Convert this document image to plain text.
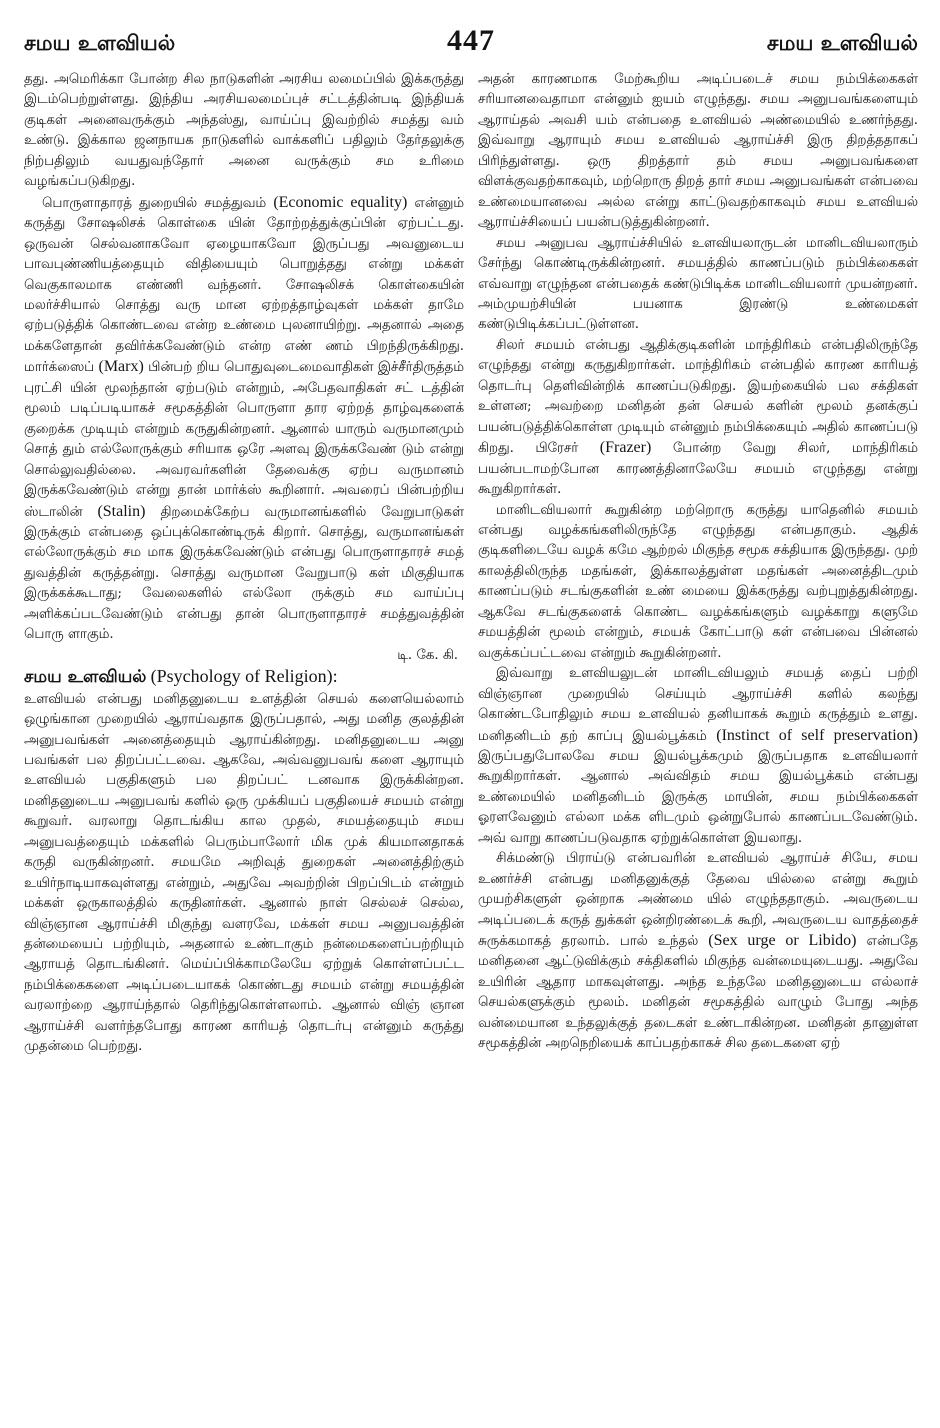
சமய உளவியல்	447	சமய உளவியல்

தது. அமெரிக்கா போன்ற சில நாடுகளின் அரசிய லமைப்பில் இக்கருத்து இடம்பெற்றுள்ளது. இந்திய அரசியலமைப்புச் சட்டத்தின்படி இந்தியக் குடிகள் அனைவருக்கும் அந்தஸ்து, வாய்ப்பு இவற்றில் சமத்து வம் உண்டு. இக்கால ஜனநாயக நாடுகளில் வாக்களிப் பதிலும் தேர்தலுக்கு நிற்பதிலும் வயதுவந்தோர் அனை வருக்கும் சம உரிமை வழங்கப்படுகிறது.

பொருளாதாரத் துறையில் சமத்துவம் (Economic equality) என்னும் கருத்து சோஷலிசக் கொள்கை யின் தோற்றத்துக்குப்பின் ஏற்பட்டது. ஒருவன் செல்வனாகவோ ஏழையாகவோ இருப்பது அவனுடைய பாவபுண்ணியத்தையும் விதியையும் பொறுத்தது என்று மக்கள் வெகுகாலமாக எண்ணி வந்தனர். சோஷலிசக் கொள்கையின் மலர்ச்சியால் சொத்து வரு மான ஏற்றத்தாழ்வுகள் மக்கள் தாமே ஏற்படுத்திக் கொண்டவை என்ற உண்மை புலனாயிற்று. அதனால் அதை மக்களேதான் தவிர்க்கவேண்டும் என்ற எண் ணம் பிறந்திருக்கிறது. மார்க்ஸைப் (Marx) பின்பற் றிய பொதுவுடைமைவாதிகள் இச்சீர்திருத்தம் புரட்சி யின் மூலந்தான் ஏற்படும் என்றும், அபேதவாதிகள் சட் டத்தின் மூலம் படிப்படியாகச் சமூகத்தின் பொருளா தார ஏற்றத் தாழ்வுகளைக் குறைக்க முடியும் என்றும் கருதுகின்றனர். ஆனால் யாரும் வருமானமும் சொத் தும் எல்லோருக்கும் சரியாக ஒரே அளவு இருக்கவேண் டும் என்று சொல்லுவதில்லை. அவரவர்களின் தேவைக்கு ஏற்ப வருமானம் இருக்கவேண்டும் என்று தான் மார்க்ஸ் கூறினார். அவரைப் பின்பற்றிய ஸ்டாலின் (Stalin) திறமைக்கேற்ப வருமானங்களில் வேறுபாடுகள் இருக்கும் என்பதை ஒப்புக்கொண்டிருக் கிறார். சொத்து, வருமானங்கள் எல்லோருக்கும் சம மாக இருக்கவேண்டும் என்பது பொருளாதாரச் சமத் துவத்தின் கருத்தன்று. சொத்து வருமான வேறுபாடு கள் மிகுதியாக இருக்கக்கூடாது; வேலைகளில் எல்லோ ருக்கும் சம வாய்ப்பு அளிக்கப்படவேண்டும் என்பது தான் பொருளாதாரச் சமத்துவத்தின் பொரு ளாகும்.

டி. கே. கி.

சமய உளவியல் (Psychology of Religion):

உளவியல் என்பது மனிதனுடைய உளத்தின் செயல் களையெல்லாம் ஒழுங்கான முறையில் ஆராய்வதாக இருப்பதால், அது மனித குலத்தின் அனுபவங்கள் அனைத்தையும் ஆராய்கின்றது. மனிதனுடைய அனு பவங்கள் பல திறப்பட்டவை. ஆகவே, அவ்வனுபவங் களை ஆராயும் உளவியல் பகுதிகளும் பல திறப்பட் டனவாக இருக்கின்றன. மனிதனுடைய அனுபவங் களில் ஒரு முக்கியப் பகுதியைச் சமயம் என்று கூறுவர். வரலாறு தொடங்கிய கால முதல், சமயத்தையும் சமய அனுபவத்தையும் மக்களில் பெரும்பாலோர் மிக முக் கியமானதாகக் கருதி வருகின்றனர். சமயமே அறிவுத் துறைகள் அனைத்திற்கும் உயிர்நாடியாகவுள்ளது என்றும், அதுவே அவற்றின் பிறப்பிடம் என்றும் மக்கள் ஒருகாலத்தில் கருதினர்கள். ஆனால் நாள் செல்லச் செல்ல, விஞ்ஞான ஆராய்ச்சி மிகுந்து வளரவே, மக்கள் சமய அனுபவத்தின் தன்மையைப் பற்றியும், அதனால் உண்டாகும் நன்மைகளைப்பற்றியும் ஆராயத் தொடங்கினர். மெய்ப்பிக்காமலேயே ஏற்றுக் கொள்ளப்பட்ட நம்பிக்கைகளை அடிப்படையாகக் கொண்டது சமயம் என்று சமயத்தின் வரலாற்றை ஆராய்ந்தால் தெரிந்துகொள்ளலாம். ஆனால் விஞ் ஞான ஆராய்ச்சி வளர்ந்தபோது காரண காரியத் தொடர்பு என்னும் கருத்து முதன்மை பெற்றது.

அதன் காரணமாக மேற்கூறிய அடிப்படைச் சமய நம்பிக்கைகள் சரியானவைதாமா என்னும் ஐயம் எழுந்தது. சமய அனுபவங்களையும் ஆராய்தல் அவசி யம் என்பதை உளவியல் அண்மையில் உணர்ந்தது. இவ்வாறு ஆராயும் சமய உளவியல் ஆராய்ச்சி இரு திறத்ததாகப் பிரிந்துள்ளது. ஒரு திறத்தார் தம் சமய அனுபவங்களை விளக்குவதற்காகவும், மற்றொரு திறத் தார் சமய அனுபவங்கள் என்பவை உண்மையானவை அல்ல என்று காட்டுவதற்காகவும் சமய உளவியல் ஆராய்ச்சியைப் பயன்படுத்துகின்றனர்.

சமய அனுபவ ஆராய்ச்சியில் உளவியலாருடன் மானிடவியலாரும் சேர்ந்து கொண்டிருக்கின்றனர். சமயத்தில் காணப்படும் நம்பிக்கைகள் எவ்வாறு எழுந்தன என்பதைக் கண்டுபிடிக்க மானிடவியலார் முயன்றனர். அம்முயற்சியின் பயனாக இரண்டு உண்மைகள் கண்டுபிடிக்கப்பட்டுள்ளன.

சிலர் சமயம் என்பது ஆதிக்குடிகளின் மாந்திரிகம் என்பதிலிருந்தே எழுந்தது என்று கருதுகிறார்கள். மாந்திரிகம் என்பதில் காரண காரியத் தொடர்பு தெளிவின்றிக் காணப்படுகிறது. இயற்கையில் பல சக்திகள் உள்ளன; அவற்றை மனிதன் தன் செயல் களின் மூலம் தனக்குப் பயன்படுத்திக்கொள்ள முடியும் என்னும் நம்பிக்கையும் அதில் காணப்படு கிறது. பிரேசர் (Frazer) போன்ற வேறு சிலர், மாந்திரிகம் பயன்படாமற்போன காரணத்தினாலேயே சமயம் எழுந்தது என்று கூறுகிறார்கள்.

மானிடவியலார் கூறுகின்ற மற்றொரு கருத்து யாதெனில் சமயம் என்பது வழக்கங்களிலிருந்தே எழுந்தது என்பதாகும். ஆதிக் குடிகளிடையே வழக் கமே ஆற்றல் மிகுந்த சமூக சக்தியாக இருந்தது. முற் காலத்திலிருந்த மதங்கள், இக்காலத்துள்ள மதங்கள் அனைத்திடமும் காணப்படும் சடங்குகளின் உண் மையை இக்கருத்து வற்புறுத்துகின்றது. ஆகவே சடங்குகளைக் கொண்ட வழக்கங்களும் வழக்காறு களுமே சமயத்தின் மூலம் என்றும், சமயக் கோட்பாடு கள் என்பவை பின்னல் வகுக்கப்பட்டவை என்றும் கூறுகின்றனர்.

இவ்வாறு உளவியலுடன் மானிடவியலும் சமயத் தைப் பற்றி விஞ்ஞான முறையில் செய்யும் ஆராய்ச்சி களில் கலந்து கொண்டபோதிலும் சமய உளவியல் தனியாகக் கூறும் கருத்தும் உளது. மனிதனிடம் தற் காப்பு இயல்பூக்கம் (Instinct of self preservation) இருப்பதுபோலவே சமய இயல்பூக்கமும் இருப்பதாக உளவியலார் கூறுகிறார்கள். ஆனால் அவ்விதம் சமய இயல்பூக்கம் என்பது உண்மையில் மனிதனிடம் இருக்கு மாயின், சமய நம்பிக்கைகள் ஓரளவேனும் எல்லா மக்க ளிடமும் ஒன்றுபோல் காணப்படவேண்டும். அவ் வாறு காணப்படுவதாக ஏற்றுக்கொள்ள இயலாது.

சிக்மண்டு பிராய்டு என்பவரின் உளவியல் ஆராய்ச் சியே, சமய உணர்ச்சி என்பது மனிதனுக்குத் தேவை யில்லை என்று கூறும் முயற்சிகளுள் ஒன்றாக அண்மை யில் எழுந்ததாகும். அவருடைய அடிப்படைக் கருத் துக்கள் ஒன்றிரண்டைக் கூறி, அவருடைய வாதத்தைச் சுருக்கமாகத் தரலாம். பால் உந்தல் (Sex urge or Libido) என்பதே மனிதனை ஆட்டுவிக்கும் சக்திகளில் மிகுந்த வன்மையுடையது. அதுவே உயிரின் ஆதார மாகவுள்ளது. அந்த உந்தலே மனிதனுடைய எல்லாச் செயல்களுக்கும் மூலம். மனிதன் சமூகத்தில் வாழும் போது அந்த வன்மையான உந்தலுக்குத் தடைகள் உண்டாகின்றன. மனிதன் தானுள்ள சமூகத்தின் அறநெறியைக் காப்பதற்காகச் சில தடைகளை ஏற்
